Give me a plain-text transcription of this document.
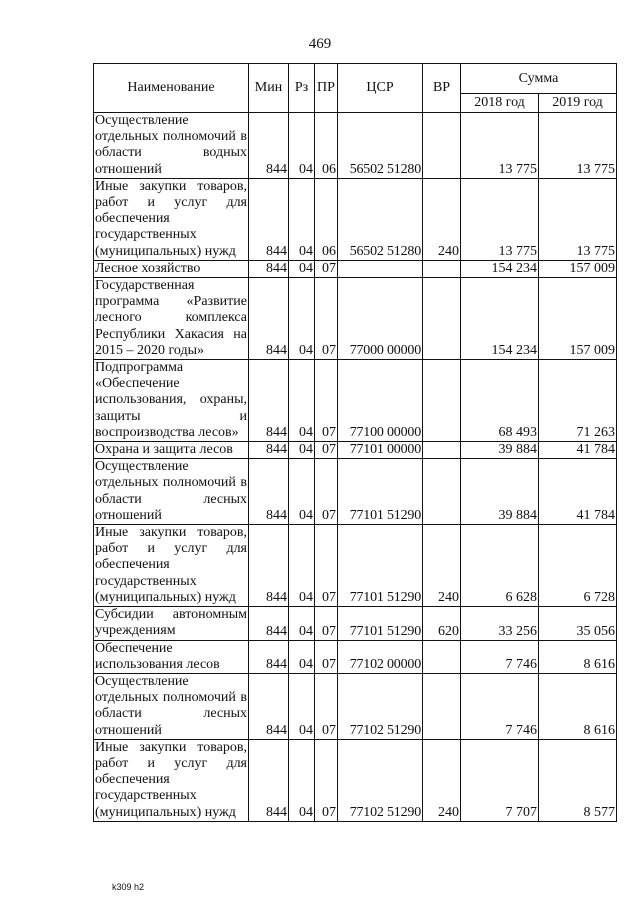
469
Наименование	Мин	Рз	ПР	ЦСР	ВР	Сумма	
						2018 год	2019 год
Осуществление отдельных полномочий в области водных отношений	844	04	06	56502 51280		13 775	13 775
Иные закупки товаров, работ и услуг для обеспечения государственных (муниципальных) нужд	844	04	06	56502 51280	240	13 775	13 775
Лесное хозяйство	844	04	07			154 234	157 009
Государственная программа «Развитие лесного комплекса Республики Хакасия на 2015 – 2020 годы»	844	04	07	77000 00000		154 234	157 009
Подпрограмма «Обеспечение использования, охраны, защиты и воспроизводства лесов»	844	04	07	77100 00000		68 493	71 263
Охрана и защита лесов	844	04	07	77101 00000		39 884	41 784
Осуществление отдельных полномочий в области лесных отношений	844	04	07	77101 51290		39 884	41 784
Иные закупки товаров, работ и услуг для обеспечения государственных (муниципальных) нужд	844	04	07	77101 51290	240	6 628	6 728
Субсидии автономным учреждениям	844	04	07	77101 51290	620	33 256	35 056
Обеспечение использования лесов	844	04	07	77102 00000		7 746	8 616
Осуществление отдельных полномочий в области лесных отношений	844	04	07	77102 51290		7 746	8 616
Иные закупки товаров, работ и услуг для обеспечения государственных (муниципальных) нужд	844	04	07	77102 51290	240	7 707	8 577
k309 h2
